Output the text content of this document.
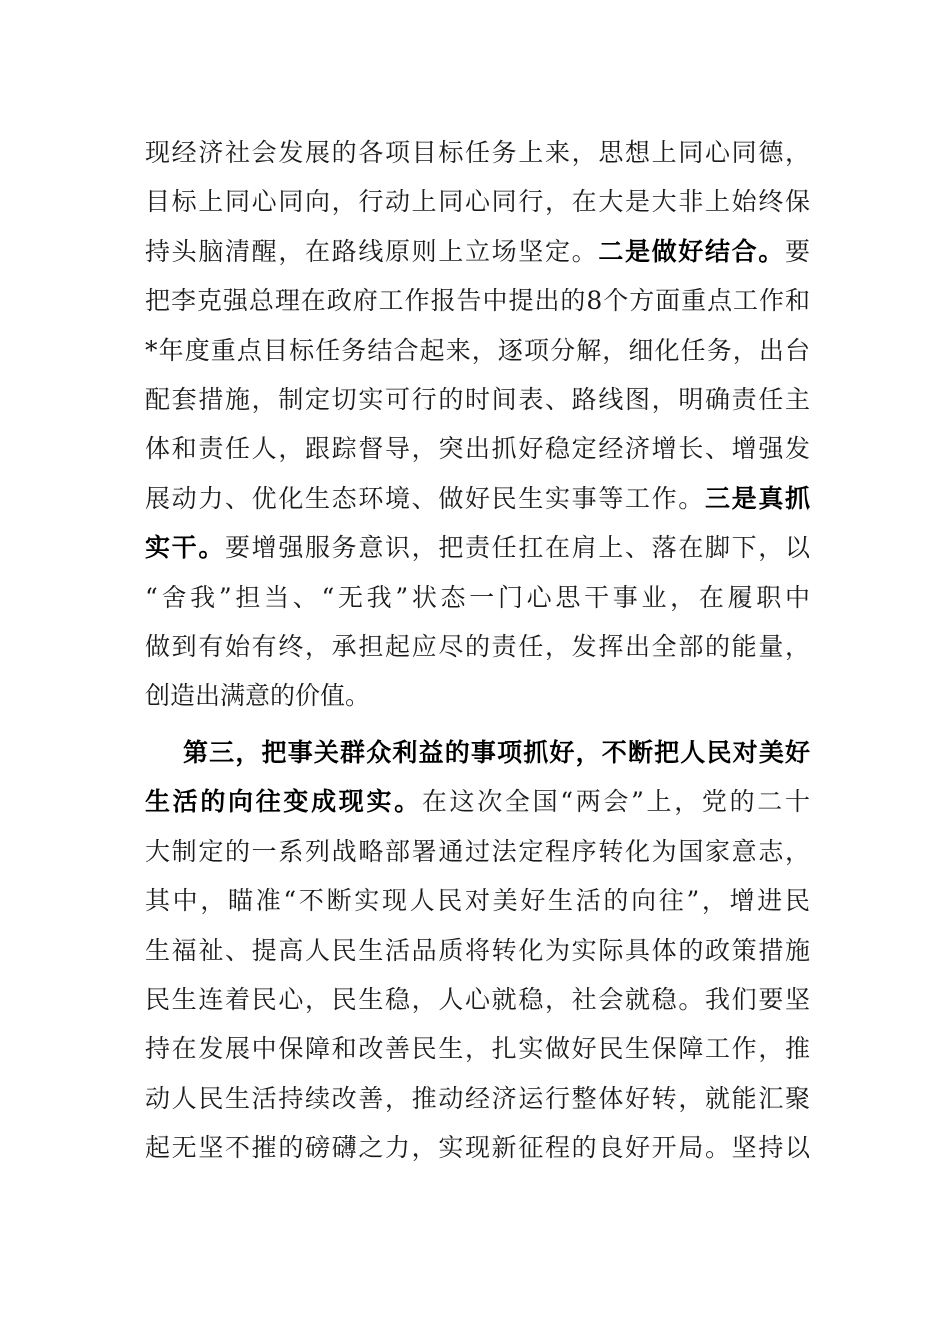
现经济社会发展的各项目标任务上来，思想上同心同德，
目标上同心同向，行动上同心同行，在大是大非上始终保
持头脑清醒，在路线原则上立场坚定。二是做好结合。要
把李克强总理在政府工作报告中提出的8个方面重点工作和
*年度重点目标任务结合起来，逐项分解，细化任务，出台
配套措施，制定切实可行的时间表、路线图，明确责任主
体和责任人，跟踪督导，突出抓好稳定经济增长、增强发
展动力、优化生态环境、做好民生实事等工作。三是真抓
实干。要增强服务意识，把责任扛在肩上、落在脚下，以
“舍我”担当、“无我”状态一门心思干事业，在履职中
做到有始有终，承担起应尽的责任，发挥出全部的能量，
创造出满意的价值。
第三，把事关群众利益的事项抓好，不断把人民对美好
生活的向往变成现实。在这次全国“两会”上，党的二十
大制定的一系列战略部署通过法定程序转化为国家意志，
其中，瞄准“不断实现人民对美好生活的向往”，增进民
生福祉、提高人民生活品质将转化为实际具体的政策措施
民生连着民心，民生稳，人心就稳，社会就稳。我们要坚
持在发展中保障和改善民生，扎实做好民生保障工作，推
动人民生活持续改善，推动经济运行整体好转，就能汇聚
起无坚不摧的磅礴之力，实现新征程的良好开局。坚持以
